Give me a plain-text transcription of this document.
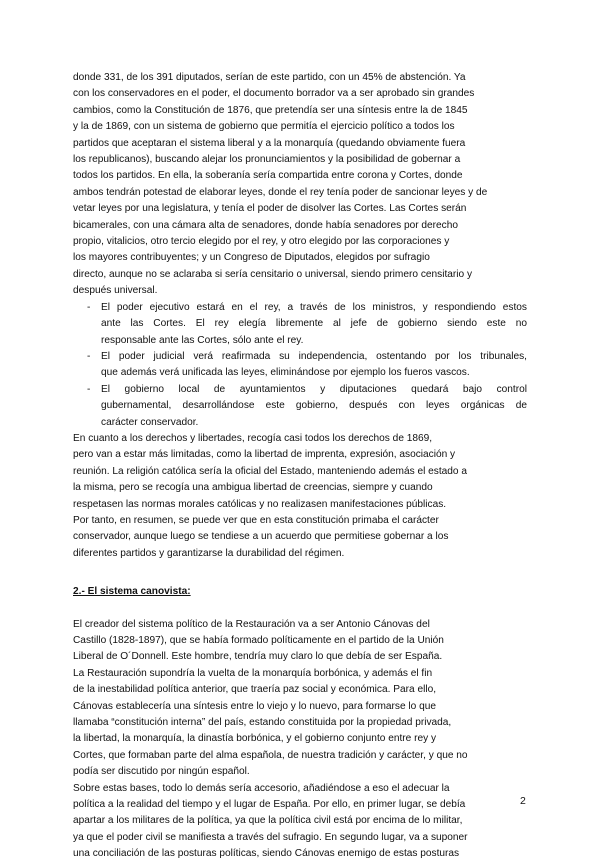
donde 331, de los 391 diputados, serían de este partido, con un 45% de abstención. Ya
con los conservadores en el poder, el documento borrador va a ser aprobado sin grandes
cambios, como la Constitución de 1876, que pretendía ser una síntesis entre la de 1845
y la de 1869, con un sistema de gobierno que permitía el ejercicio político a todos los
partidos que aceptaran el sistema liberal y a la monarquía (quedando obviamente fuera
los republicanos), buscando alejar los pronunciamientos y la posibilidad de gobernar a
todos los partidos. En ella, la soberanía sería compartida entre corona y Cortes, donde
ambos tendrán potestad de elaborar leyes, donde el rey tenía poder de sancionar leyes y de
vetar leyes por una legislatura, y tenía el poder de disolver las Cortes. Las Cortes serán
bicamerales, con una cámara alta de senadores, donde había senadores por derecho
propio, vitalicios, otro tercio elegido por el rey, y otro elegido por las corporaciones y
los mayores contribuyentes; y un Congreso de Diputados, elegidos por sufragio
directo, aunque no se aclaraba si sería censitario o universal, siendo primero censitario y
después universal.
- El poder ejecutivo estará en el rey, a través de los ministros, y respondiendo estos
ante las Cortes. El rey elegía libremente al jefe de gobierno siendo este no
responsable ante las Cortes, sólo ante el rey.
- El poder judicial verá reafirmada su independencia, ostentando por los tribunales,
que además verá unificada las leyes, eliminándose por ejemplo los fueros vascos.
- El gobierno local de ayuntamientos y diputaciones quedará bajo control
gubernamental, desarrollándose este gobierno, después con leyes orgánicas de
carácter conservador.
En cuanto a los derechos y libertades, recogía casi todos los derechos de 1869,
pero van a estar más limitadas, como la libertad de imprenta, expresión, asociación y
reunión. La religión católica sería la oficial del Estado, manteniendo además el estado a
la misma, pero se recogía una ambigua libertad de creencias, siempre y cuando
respetasen las normas morales católicas y no realizasen manifestaciones públicas.
Por tanto, en resumen, se puede ver que en esta constitución primaba el carácter
conservador, aunque luego se tendiese a un acuerdo que permitiese gobernar a los
diferentes partidos y garantizarse la durabilidad del régimen.
2.- El sistema canovista:
El creador del sistema político de la Restauración va a ser Antonio Cánovas del
Castillo (1828-1897), que se había formado políticamente en el partido de la Unión
Liberal de O´Donnell. Este hombre, tendría muy claro lo que debía de ser España.
La Restauración supondría la vuelta de la monarquía borbónica, y además el fin
de la inestabilidad política anterior, que traería paz social y económica. Para ello,
Cánovas establecería una síntesis entre lo viejo y lo nuevo, para formarse lo que
llamaba “constitución interna” del país, estando constituida por la propiedad privada,
la libertad, la monarquía, la dinastía borbónica, y el gobierno conjunto entre rey y
Cortes, que formaban parte del alma española, de nuestra tradición y carácter, y que no
podía ser discutido por ningún español.
Sobre estas bases, todo lo demás sería accesorio, añadiéndose a eso el adecuar la
política a la realidad del tiempo y el lugar de España. Por ello, en primer lugar, se debía
apartar a los militares de la política, ya que la política civil está por encima de lo militar,
ya que el poder civil se manifiesta a través del sufragio. En segundo lugar, va a suponer
una conciliación de las posturas políticas, siendo Cánovas enemigo de estas posturas
2
